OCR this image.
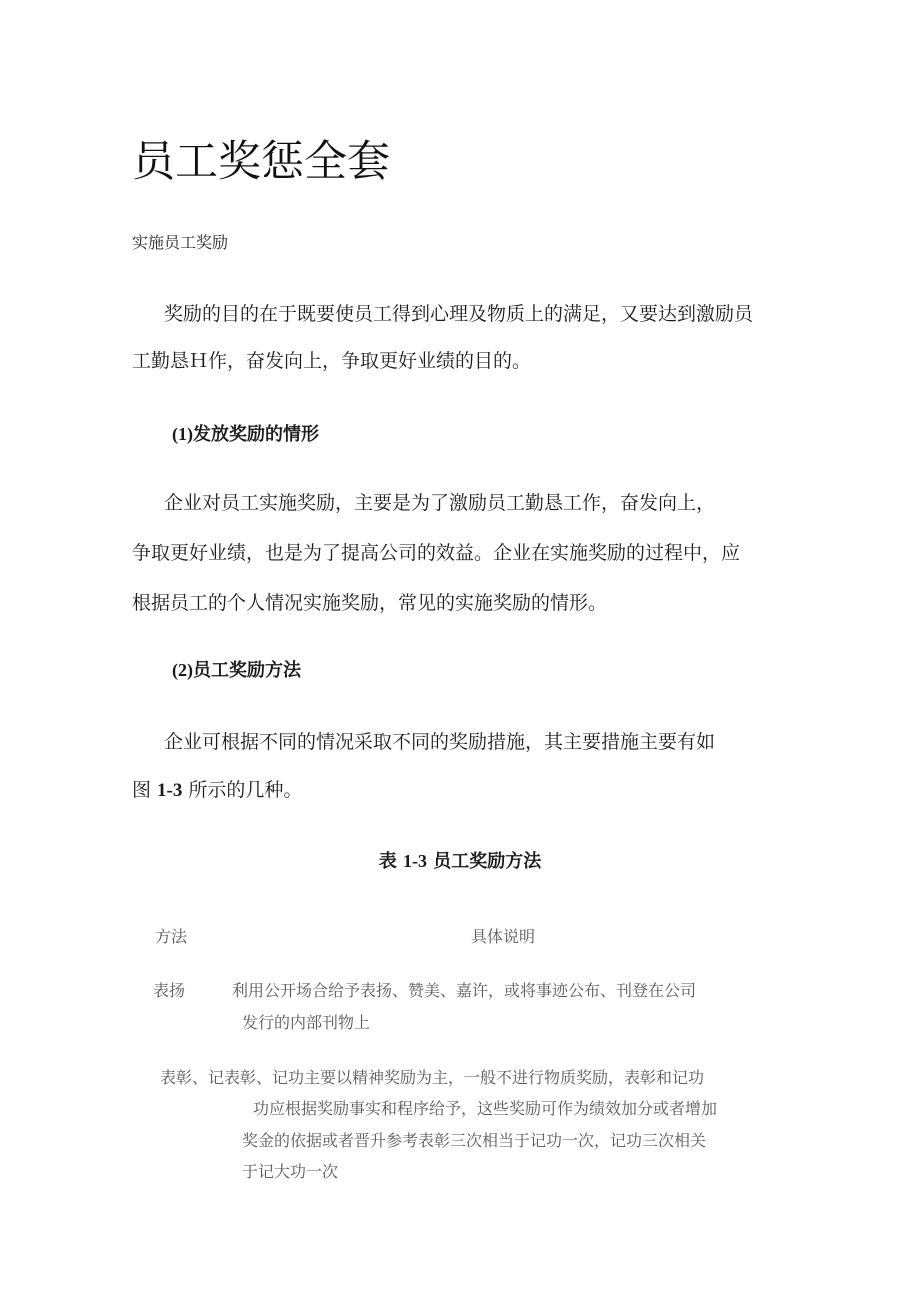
员工奖惩全套
实施员工奖励
奖励的目的在于既要使员工得到心理及物质上的满足，又要达到激励员
工勤恳Ｈ作，奋发向上，争取更好业绩的目的。
(1)发放奖励的情形
企业对员工实施奖励，主要是为了激励员工勤恳工作，奋发向上，
争取更好业绩，也是为了提高公司的效益。企业在实施奖励的过程中，应
根据员工的个人情况实施奖励，常见的实施奖励的情形。
(2)员工奖励方法
企业可根据不同的情况采取不同的奖励措施，其主要措施主要有如
图 1-3 所示的几种。
表 1-3 员工奖励方法
方法	具体说明
表扬	利用公开场合给予表扬、赞美、嘉许，或将事迹公布、刊登在公司
发行的内部刊物上
表彰、记表彰、记功主要以精神奖励为主，一般不进行物质奖励，表彰和记功
功应根据奖励事实和程序给予，这些奖励可作为绩效加分或者增加
奖金的依据或者晋升参考表彰三次相当于记功一次，记功三次相关
于记大功一次
